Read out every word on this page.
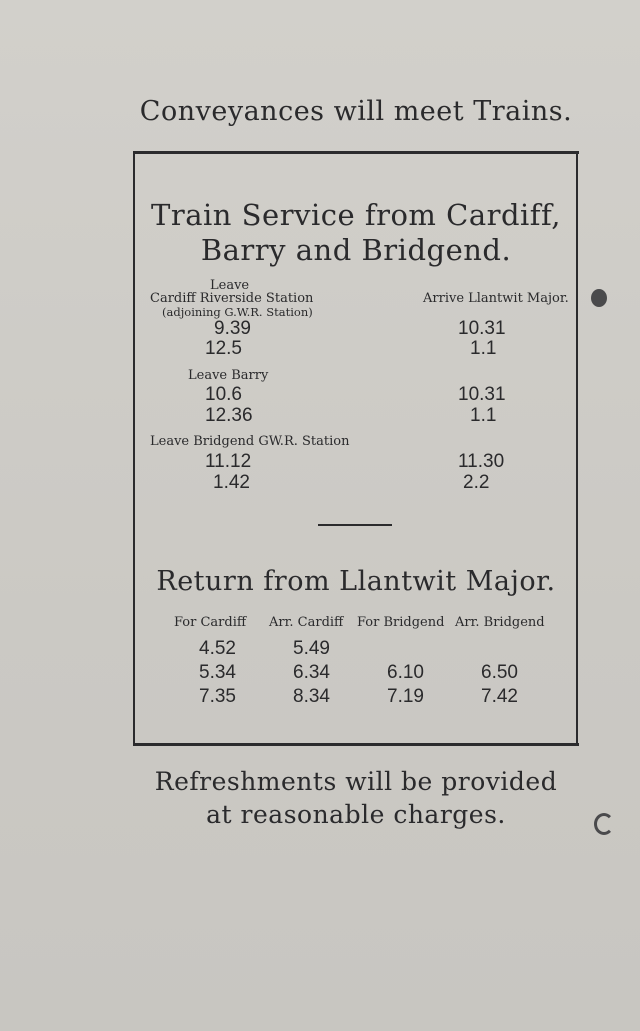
Conveyances will meet Trains.
Train Service from Cardiff,
Barry and Bridgend.
Leave
Cardiff Riverside Station
(adjoining G.W.R. Station)
Arrive Llantwit Major.
9.39	10.31
12.5	1.1
Leave Barry
10.6	10.31
12.36	1.1
Leave Bridgend GW.R. Station
11.12	11.30
1.42	2.2
Return from Llantwit Major.
For Cardiff Arr. Cardiff For Bridgend Arr. Bridgend
4.52	5.49
5.34	6.34	6.10	6.50
7.35	8.34	7.19	7.42
Refreshments will be provided
at reasonable charges.
